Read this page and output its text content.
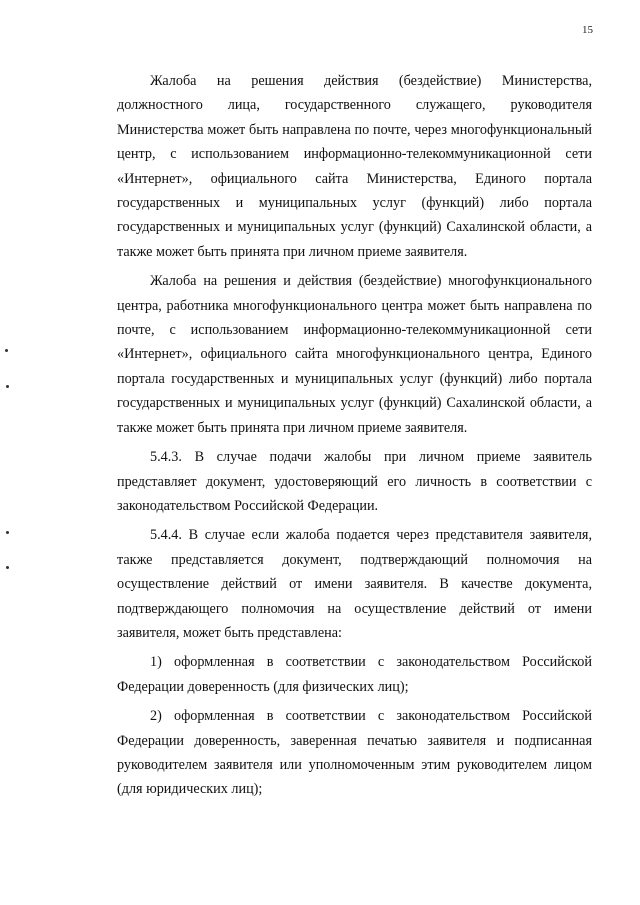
15

Жалоба на решения действия (бездействие) Министерства, должностного лица, государственного служащего, руководителя Министерства может быть направлена по почте, через многофункциональный центр, с использованием информационно-телекоммуникационной сети «Интернет», официального сайта Министерства, Единого портала государственных и муниципальных услуг (функций) либо портала государственных и муниципальных услуг (функций) Сахалинской области, а также может быть принята при личном приеме заявителя.

Жалоба на решения и действия (бездействие) многофункционального центра, работника многофункционального центра может быть направлена по почте, с использованием информационно-телекоммуникационной сети «Интернет», официального сайта многофункционального центра, Единого портала государственных и муниципальных услуг (функций) либо портала государственных и муниципальных услуг (функций) Сахалинской области, а также может быть принята при личном приеме заявителя.

5.4.3. В случае подачи жалобы при личном приеме заявитель представляет документ, удостоверяющий его личность в соответствии с законодательством Российской Федерации.

5.4.4. В случае если жалоба подается через представителя заявителя, также представляется документ, подтверждающий полномочия на осуществление действий от имени заявителя. В качестве документа, подтверждающего полномочия на осуществление действий от имени заявителя, может быть представлена:

1) оформленная в соответствии с законодательством Российской Федерации доверенность (для физических лиц);

2) оформленная в соответствии с законодательством Российской Федерации доверенность, заверенная печатью заявителя и подписанная руководителем заявителя или уполномоченным этим руководителем лицом (для юридических лиц);
